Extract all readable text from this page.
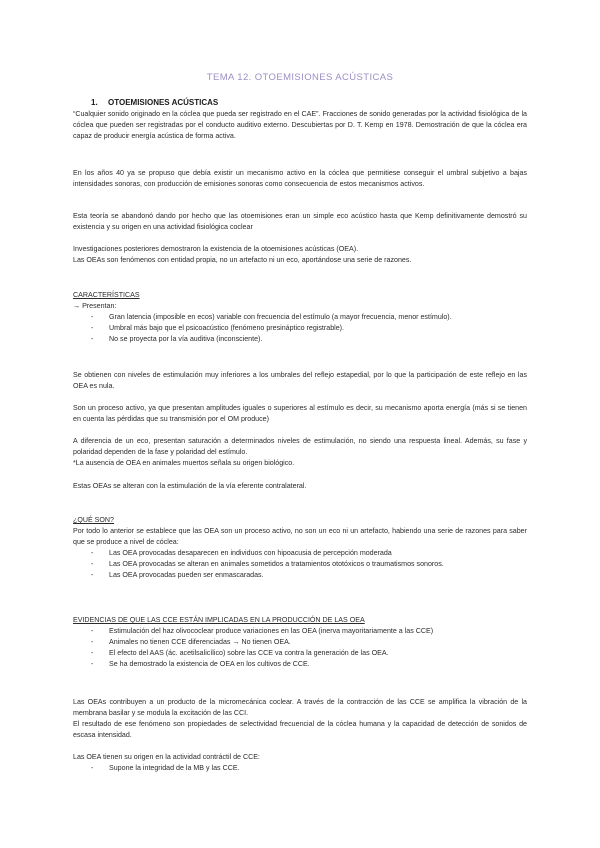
TEMA 12. OTOEMISIONES ACÚSTICAS
1. OTOEMISIONES ACÚSTICAS

“Cualquier sonido originado en la cóclea que pueda ser registrado en el CAE”. Fracciones de sonido generadas por la actividad fisiológica de la cóclea que pueden ser registradas por el conducto auditivo externo. Descubiertas por D. T. Kemp en 1978. Demostración de que la cóclea era capaz de producir energía acústica de forma activa.

En los años 40 ya se propuso que debía existir un mecanismo activo en la cóclea que permitiese conseguir el umbral subjetivo a bajas intensidades sonoras, con producción de emisiones sonoras como consecuencia de estos mecanismos activos.

Esta teoría se abandonó dando por hecho que las otoemisiones eran un simple eco acústico hasta que Kemp definitivamente demostró su existencia y su origen en una actividad fisiológica coclear

Investigaciones posteriores demostraron la existencia de la otoemisiones acústicas (OEA).

Las OEAs son fenómenos con entidad propia, no un artefacto ni un eco, aportándose una serie de razones.

CARACTERÍSTICAS

→ Presentan:

- Gran latencia (imposible en ecos) variable con frecuencia del estímulo (a mayor frecuencia, menor estímulo).
- Umbral más bajo que el psicoacústico (fenómeno presináptico registrable).
- No se proyecta por la vía auditiva (inconsciente).

Se obtienen con niveles de estimulación muy inferiores a los umbrales del reflejo estapedial, por lo que la participación de este reflejo en las OEA es nula.

Son un proceso activo, ya que presentan amplitudes iguales o superiores al estímulo es decir, su mecanismo aporta energía (más si se tienen en cuenta las pérdidas que su transmisión por el OM produce)

A diferencia de un eco, presentan saturación a determinados niveles de estimulación, no siendo una respuesta lineal. Además, su fase y polaridad dependen de la fase y polaridad del estímulo.

*La ausencia de OEA en animales muertos señala su origen biológico.

Estas OEAs se alteran con la estimulación de la vía eferente contralateral.

¿QUÉ SON?

Por todo lo anterior se establece que las OEA son un proceso activo, no son un eco ni un artefacto, habiendo una serie de razones para saber que se produce a nivel de cóclea:

- Las OEA provocadas desaparecen en individuos con hipoacusia de percepción moderada
- Las OEA provocadas se alteran en animales sometidos a tratamientos ototóxicos o traumatismos sonoros.
- Las OEA provocadas pueden ser enmascaradas.

EVIDENCIAS DE QUE LAS CCE ESTÁN IMPLICADAS EN LA PRODUCCIÓN DE LAS OEA

- Estimulación del haz olivococlear produce variaciones en las OEA (inerva mayoritariamente a las CCE)
- Animales no tienen CCE diferenciadas → No tienen OEA.
- El efecto del AAS (ác. acetilsalicílico) sobre las CCE va contra la generación de las OEA.
- Se ha demostrado la existencia de OEA en los cultivos de CCE.

Las OEAs contribuyen a un producto de la micromecánica coclear. A través de la contracción de las CCE se amplifica la vibración de la membrana basilar y se modula la excitación de las CCI.

El resultado de ese fenómeno son propiedades de selectividad frecuencial de la cóclea humana y la capacidad de detección de sonidos de escasa intensidad.

Las OEA tienen su origen en la actividad contráctil de CCE:

- Supone la integridad de la MB y las CCE.
